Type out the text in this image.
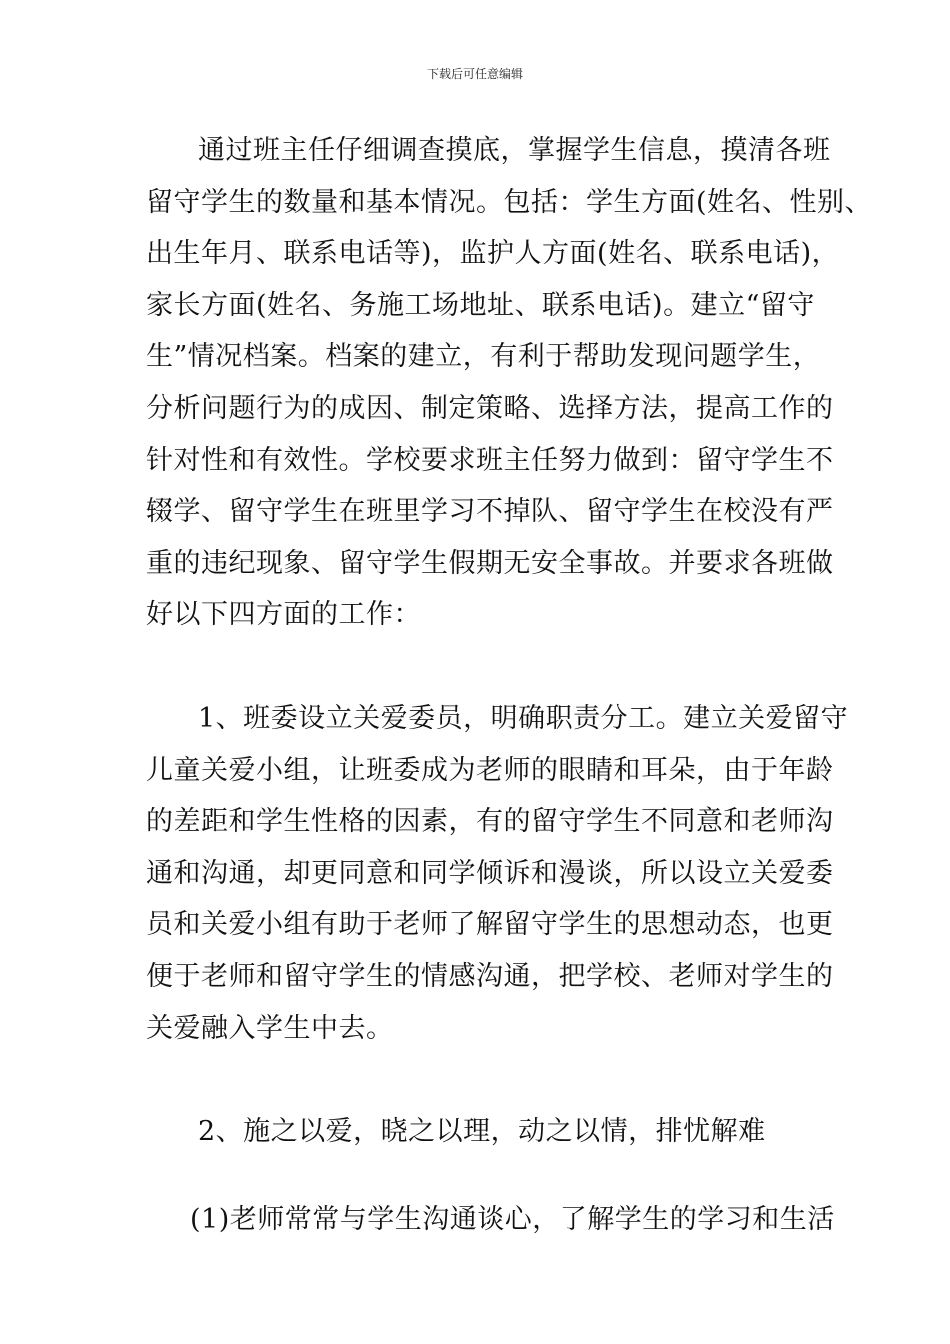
下载后可任意编辑
通过班主任仔细调查摸底，掌握学生信息，摸清各班
留守学生的数量和基本情况。包括：学生方面(姓名、性别、
出生年月、联系电话等)，监护人方面(姓名、联系电话)，
家长方面(姓名、务施工场地址、联系电话)。建立“留守
生”情况档案。档案的建立，有利于帮助发现问题学生，
分析问题行为的成因、制定策略、选择方法，提高工作的
针对性和有效性。学校要求班主任努力做到：留守学生不
辍学、留守学生在班里学习不掉队、留守学生在校没有严
重的违纪现象、留守学生假期无安全事故。并要求各班做
好以下四方面的工作：
1、班委设立关爱委员，明确职责分工。建立关爱留守
儿童关爱小组，让班委成为老师的眼睛和耳朵，由于年龄
的差距和学生性格的因素，有的留守学生不同意和老师沟
通和沟通，却更同意和同学倾诉和漫谈，所以设立关爱委
员和关爱小组有助于老师了解留守学生的思想动态，也更
便于老师和留守学生的情感沟通，把学校、老师对学生的
关爱融入学生中去。
2、施之以爱，晓之以理，动之以情，排忧解难
(1)老师常常与学生沟通谈心，了解学生的学习和生活
